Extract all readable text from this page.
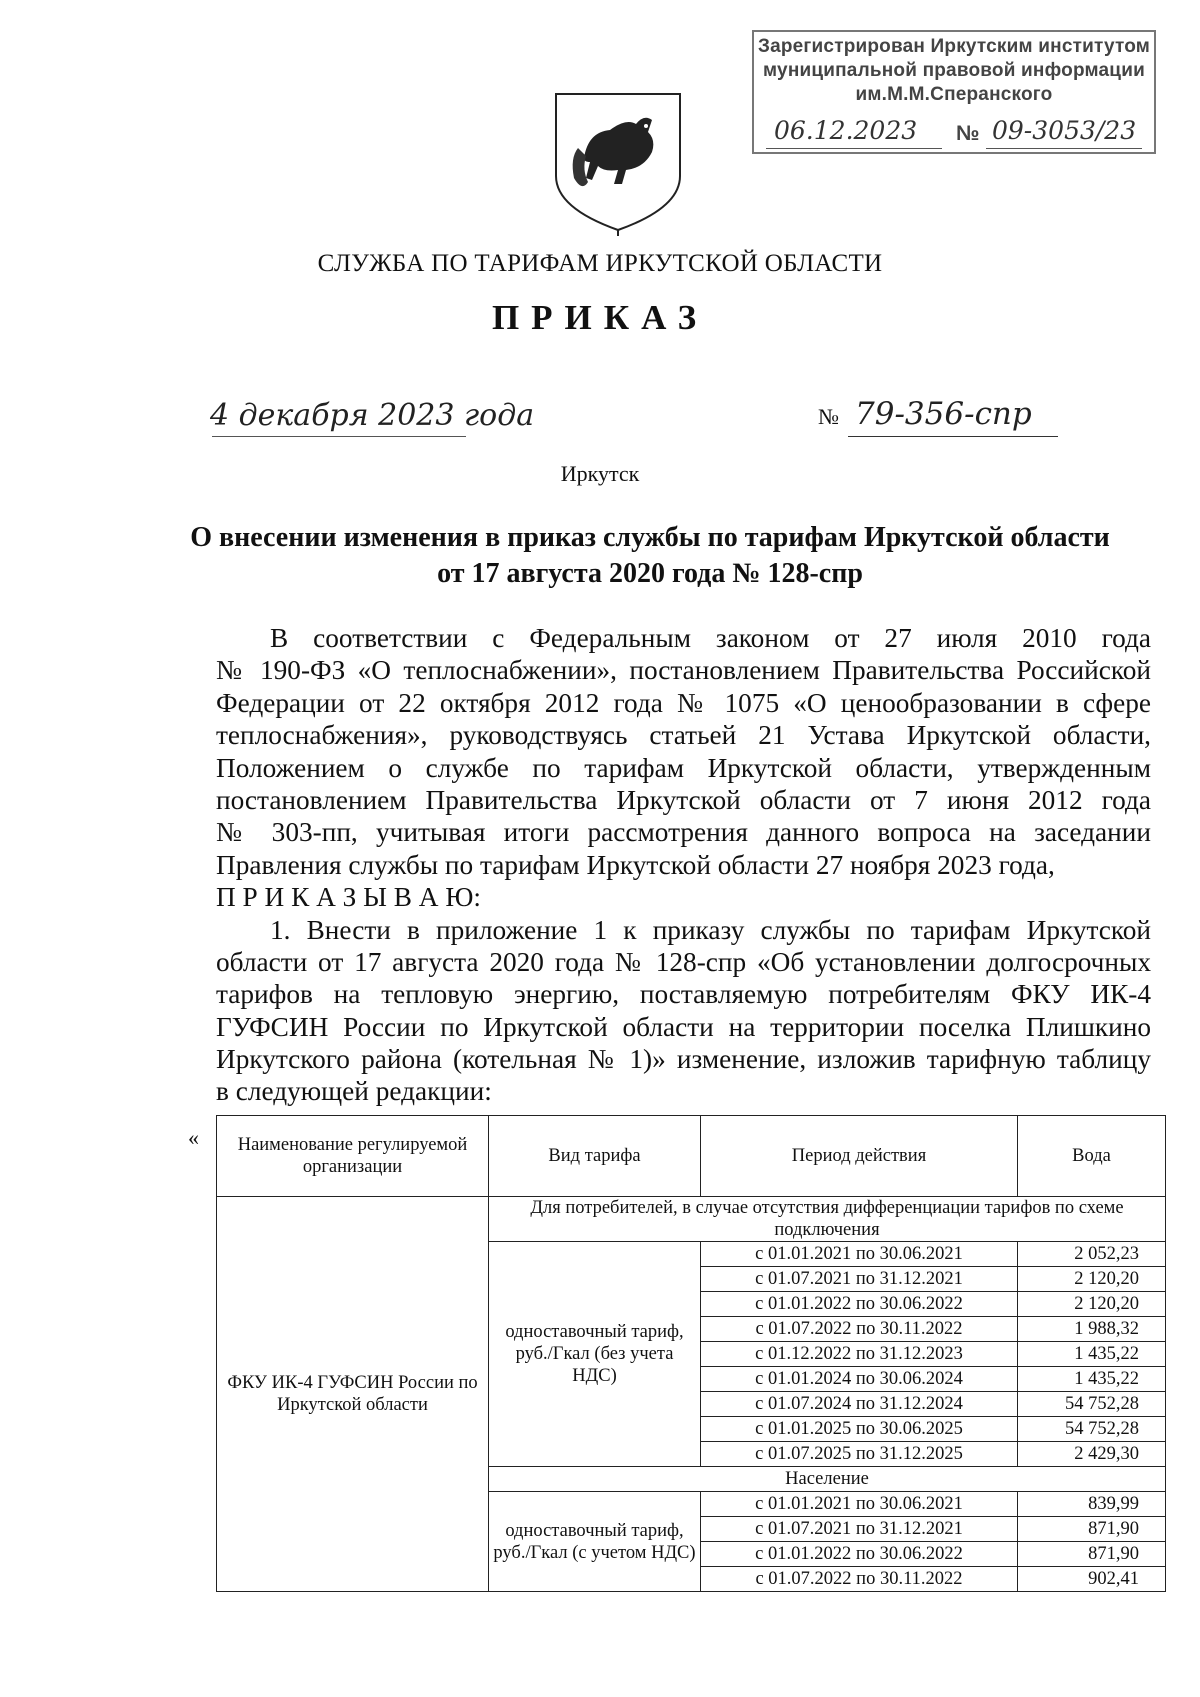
Зарегистрирован Иркутским институтом
муниципальной правовой информации
им.М.М.Сперанского
06.12.2023 № 09-3053/23
СЛУЖБА ПО ТАРИФАМ ИРКУТСКОЙ ОБЛАСТИ
ПРИКАЗ
4 декабря 2023 года	№ 79-356-спр
Иркутск
О внесении изменения в приказ службы по тарифам Иркутской области
от 17 августа 2020 года № 128-спр
В соответствии с Федеральным законом от 27 июля 2010 года
№ 190-ФЗ «О теплоснабжении», постановлением Правительства Российской
Федерации от 22 октября 2012 года № 1075 «О ценообразовании в сфере
теплоснабжения», руководствуясь статьей 21 Устава Иркутской области,
Положением о службе по тарифам Иркутской области, утвержденным
постановлением Правительства Иркутской области от 7 июня 2012 года
№ 303-пп, учитывая итоги рассмотрения данного вопроса на заседании
Правления службы по тарифам Иркутской области 27 ноября 2023 года,
П Р И К А З Ы В А Ю:
1. Внести в приложение 1 к приказу службы по тарифам Иркутской
области от 17 августа 2020 года № 128-спр «Об установлении долгосрочных
тарифов на тепловую энергию, поставляемую потребителям ФКУ ИК-4
ГУФСИН России по Иркутской области на территории поселка Плишкино
Иркутского района (котельная № 1)» изменение, изложив тарифную таблицу
в следующей редакции:
« Наименование регулируемой организации	Вид тарифа	Период действия	Вода
ФКУ ИК-4 ГУФСИН России по Иркутской области	Для потребителей, в случае отсутствия дифференциации тарифов по схеме подключения		
	одноставочный тариф, руб./Гкал (без учета НДС)	с 01.01.2021 по 30.06.2021	2 052,23
		с 01.07.2021 по 31.12.2021	2 120,20
		с 01.01.2022 по 30.06.2022	2 120,20
		с 01.07.2022 по 30.11.2022	1 988,32
		с 01.12.2022 по 31.12.2023	1 435,22
		с 01.01.2024 по 30.06.2024	1 435,22
		с 01.07.2024 по 31.12.2024	54 752,28
		с 01.01.2025 по 30.06.2025	54 752,28
		с 01.07.2025 по 31.12.2025	2 429,30
	Население		
	одноставочный тариф, руб./Гкал (с учетом НДС)	с 01.01.2021 по 30.06.2021	839,99
		с 01.07.2021 по 31.12.2021	871,90
		с 01.01.2022 по 30.06.2022	871,90
		с 01.07.2022 по 30.11.2022	902,41
